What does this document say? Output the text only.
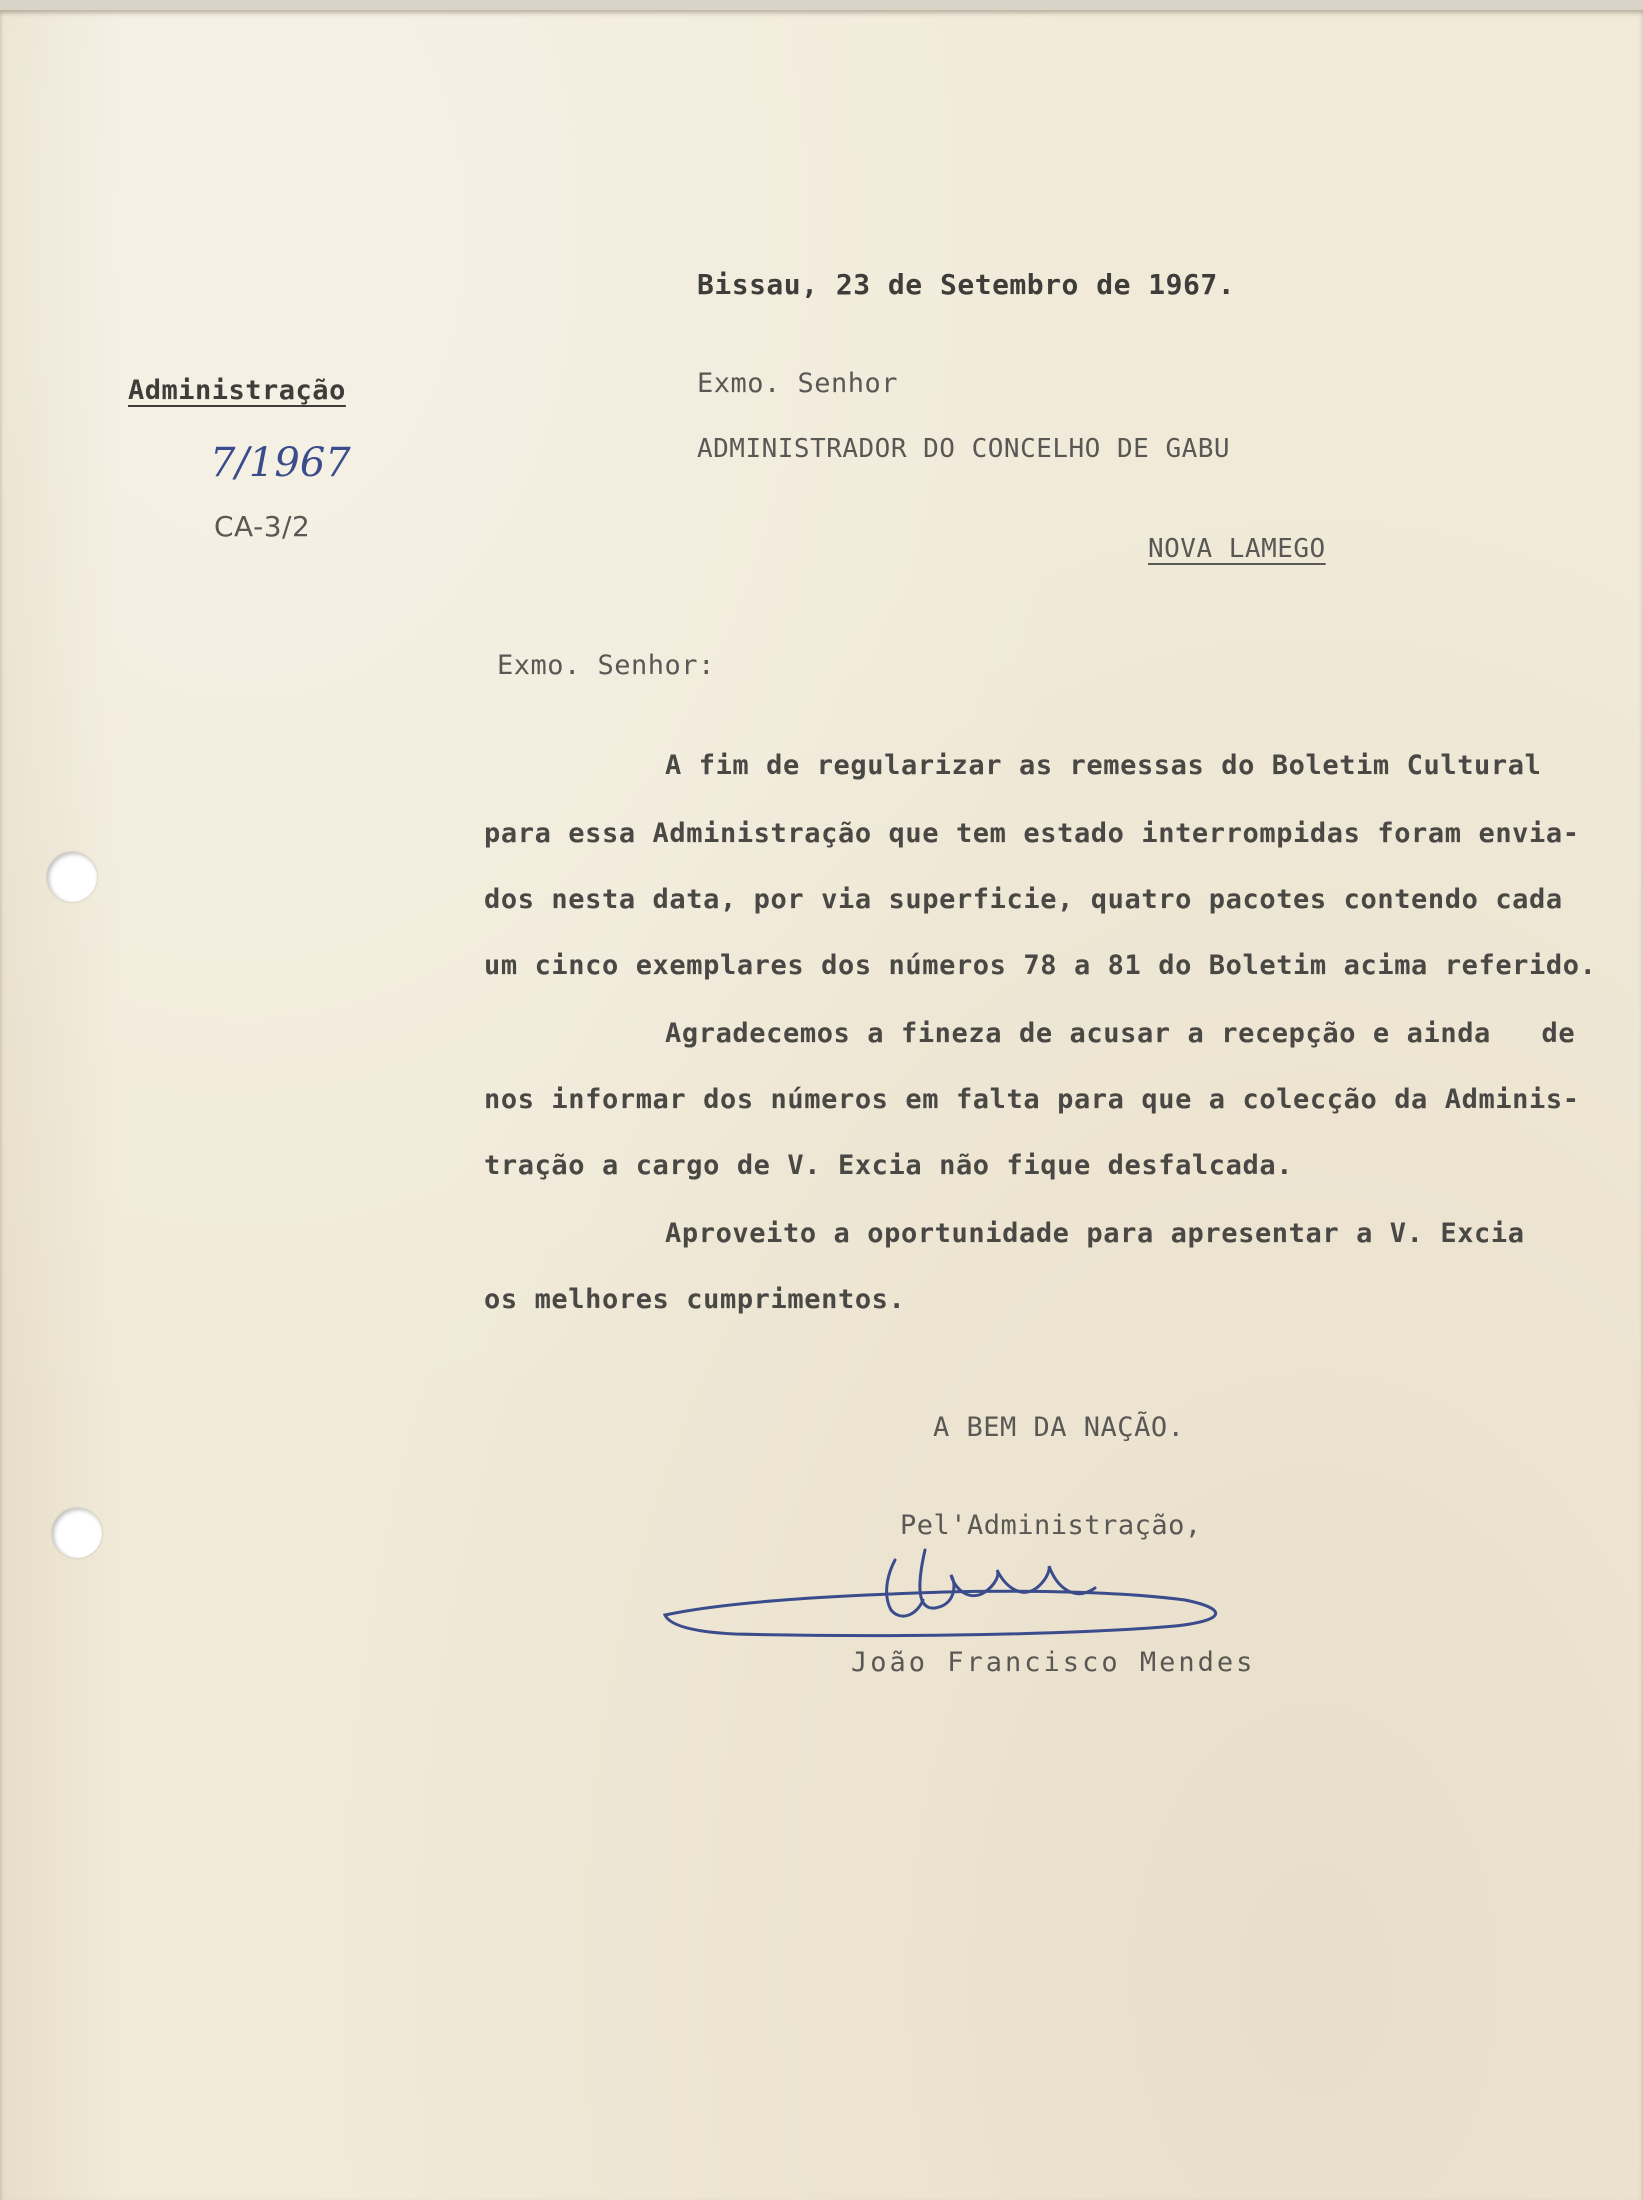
Administração
7/1967
CA-3/2
Bissau, 23 de Setembro de 1967.
Exmo. Senhor
ADMINISTRADOR DO CONCELHO DE GABU
NOVA LAMEGO
Exmo. Senhor:
A fim de regularizar as remessas do Boletim Cultural
para essa Administração que tem estado interrompidas foram envia-
dos nesta data, por via superficie, quatro pacotes contendo cada
um cinco exemplares dos números 78 a 81 do Boletim acima referido.
Agradecemos a fineza de acusar a recepção e ainda   de
nos informar dos números em falta para que a colecção da Adminis-
tração a cargo de V. Excia não fique desfalcada.
Aproveito a oportunidade para apresentar a V. Excia
os melhores cumprimentos.
A BEM DA NAÇÃO.
Pel'Administração,
João Francisco Mendes
